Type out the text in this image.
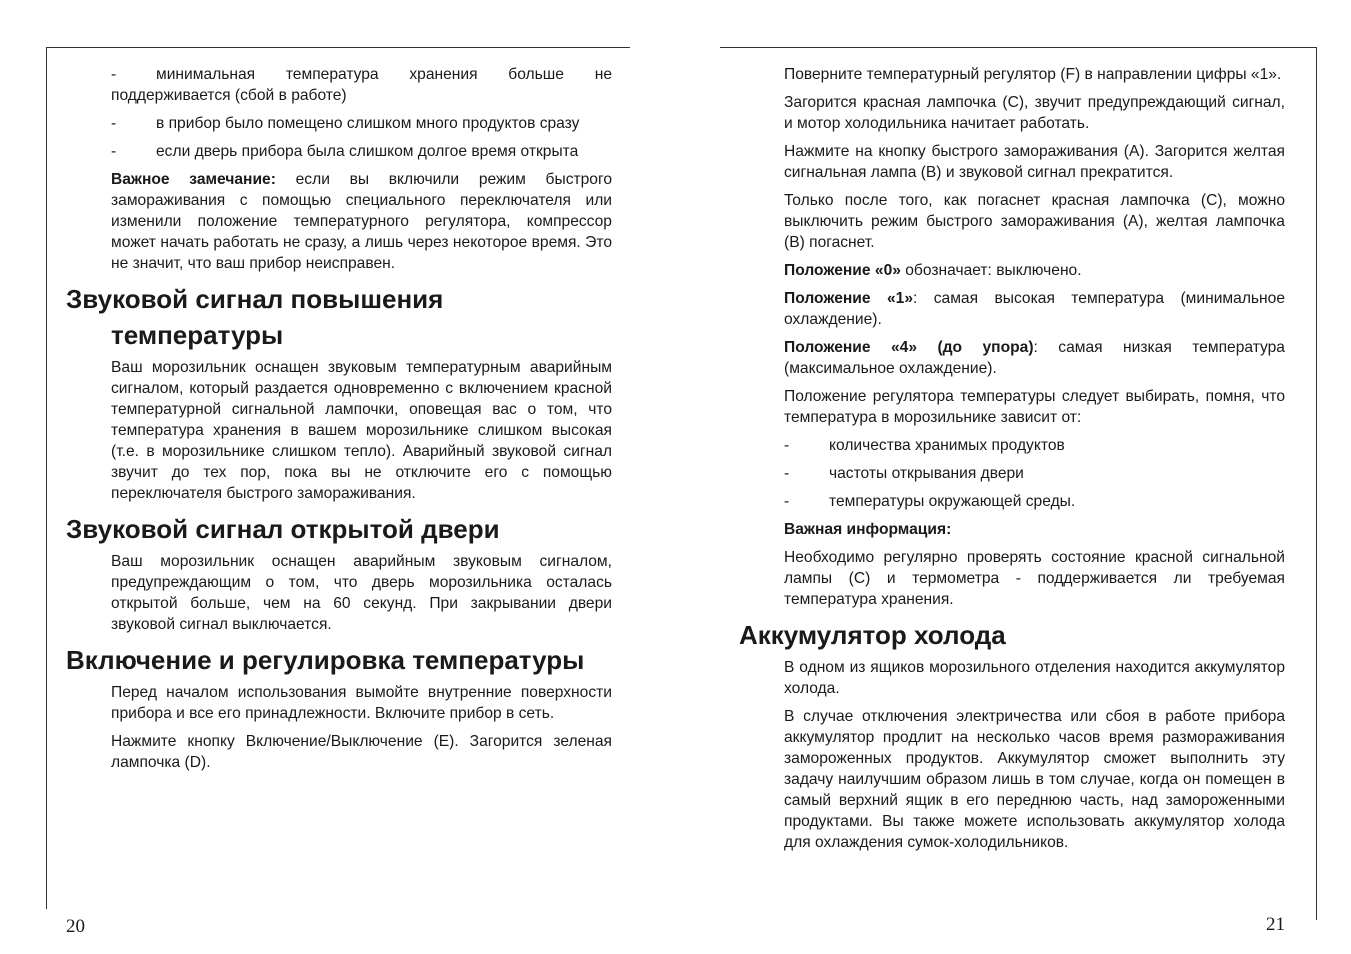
-	минимальная температура хранения больше не поддерживается (сбой в работе)
-	в прибор было помещено слишком много продуктов сразу
-	если дверь прибора была слишком долгое время открыта

Важное замечание: если вы включили режим быстрого замораживания с помощью специального переключателя или изменили положение температурного регулятора, компрессор может начать работать не сразу, а лишь через некоторое время. Это не значит, что ваш прибор неисправен.

Звуковой сигнал повышения температуры

Ваш морозильник оснащен звуковым температурным аварийным сигналом, который раздается одновременно с включением красной температурной сигнальной лампочки, оповещая вас о том, что температура хранения в вашем морозильнике слишком высокая (т.е. в морозильнике слишком тепло). Аварийный звуковой сигнал звучит до тех пор, пока вы не отключите его с помощью переключателя быстрого замораживания.

Звуковой сигнал открытой двери

Ваш морозильник оснащен аварийным звуковым сигналом, предупреждающим о том, что дверь морозильника осталась открытой больше, чем на 60 секунд. При закрывании двери звуковой сигнал выключается.

Включение и регулировка температуры

Перед началом использования вымойте внутренние поверхности прибора и все его принадлежности. Включите прибор в сеть.

Нажмите кнопку Включение/Выключение (E). Загорится зеленая лампочка (D).

20

Поверните температурный регулятор (F) в направлении цифры «1».

Загорится красная лампочка (C), звучит предупреждающий сигнал, и мотор холодильника начитает работать.

Нажмите на кнопку быстрого замораживания (A). Загорится желтая сигнальная лампа (B) и звуковой сигнал прекратится.

Только после того, как погаснет красная лампочка (C), можно выключить режим быстрого замораживания (A), желтая лампочка (B) погаснет.

Положение «0» обозначает: выключено.

Положение «1»: самая высокая температура (минимальное охлаждение).

Положение «4» (до упора): самая низкая температура (максимальное охлаждение).

Положение регулятора температуры следует выбирать, помня, что температура в морозильнике зависит от:

-	количества хранимых продуктов
-	частоты открывания двери
-	температуры окружающей среды.

Важная информация:

Необходимо регулярно проверять состояние красной сигнальной лампы (C) и термометра - поддерживается ли требуемая температура хранения.

Аккумулятор холода

В одном из ящиков морозильного отделения находится аккумулятор холода.

В случае отключения электричества или сбоя в работе прибора аккумулятор продлит на несколько часов время размораживания замороженных продуктов. Аккумулятор сможет выполнить эту задачу наилучшим образом лишь в том случае, когда он помещен в самый верхний ящик в его переднюю часть, над замороженными продуктами. Вы также можете использовать аккумулятор холода для охлаждения сумок-холодильников.

21
